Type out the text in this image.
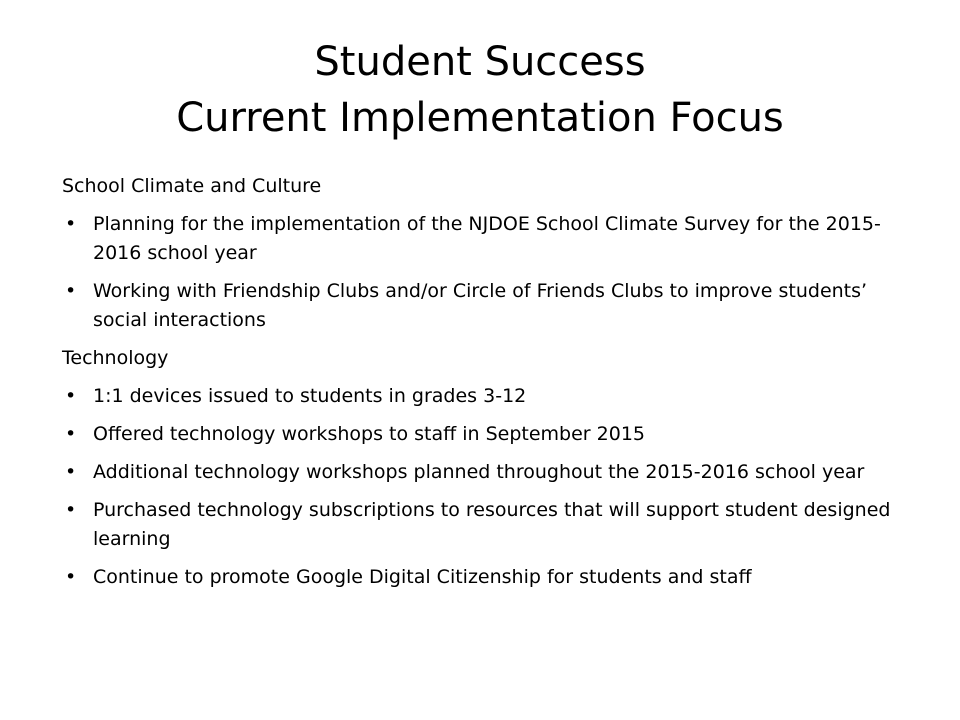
Student Success
Current Implementation Focus
School Climate and Culture
• Planning for the implementation of the NJDOE School Climate Survey for the 2015-2016 school year
• Working with Friendship Clubs and/or Circle of Friends Clubs to improve students’ social interactions
Technology
• 1:1 devices issued to students in grades 3-12
• Offered technology workshops to staff in September 2015
• Additional technology workshops planned throughout the 2015-2016 school year
• Purchased technology subscriptions to resources that will support student designed learning
• Continue to promote Google Digital Citizenship for students and staff
